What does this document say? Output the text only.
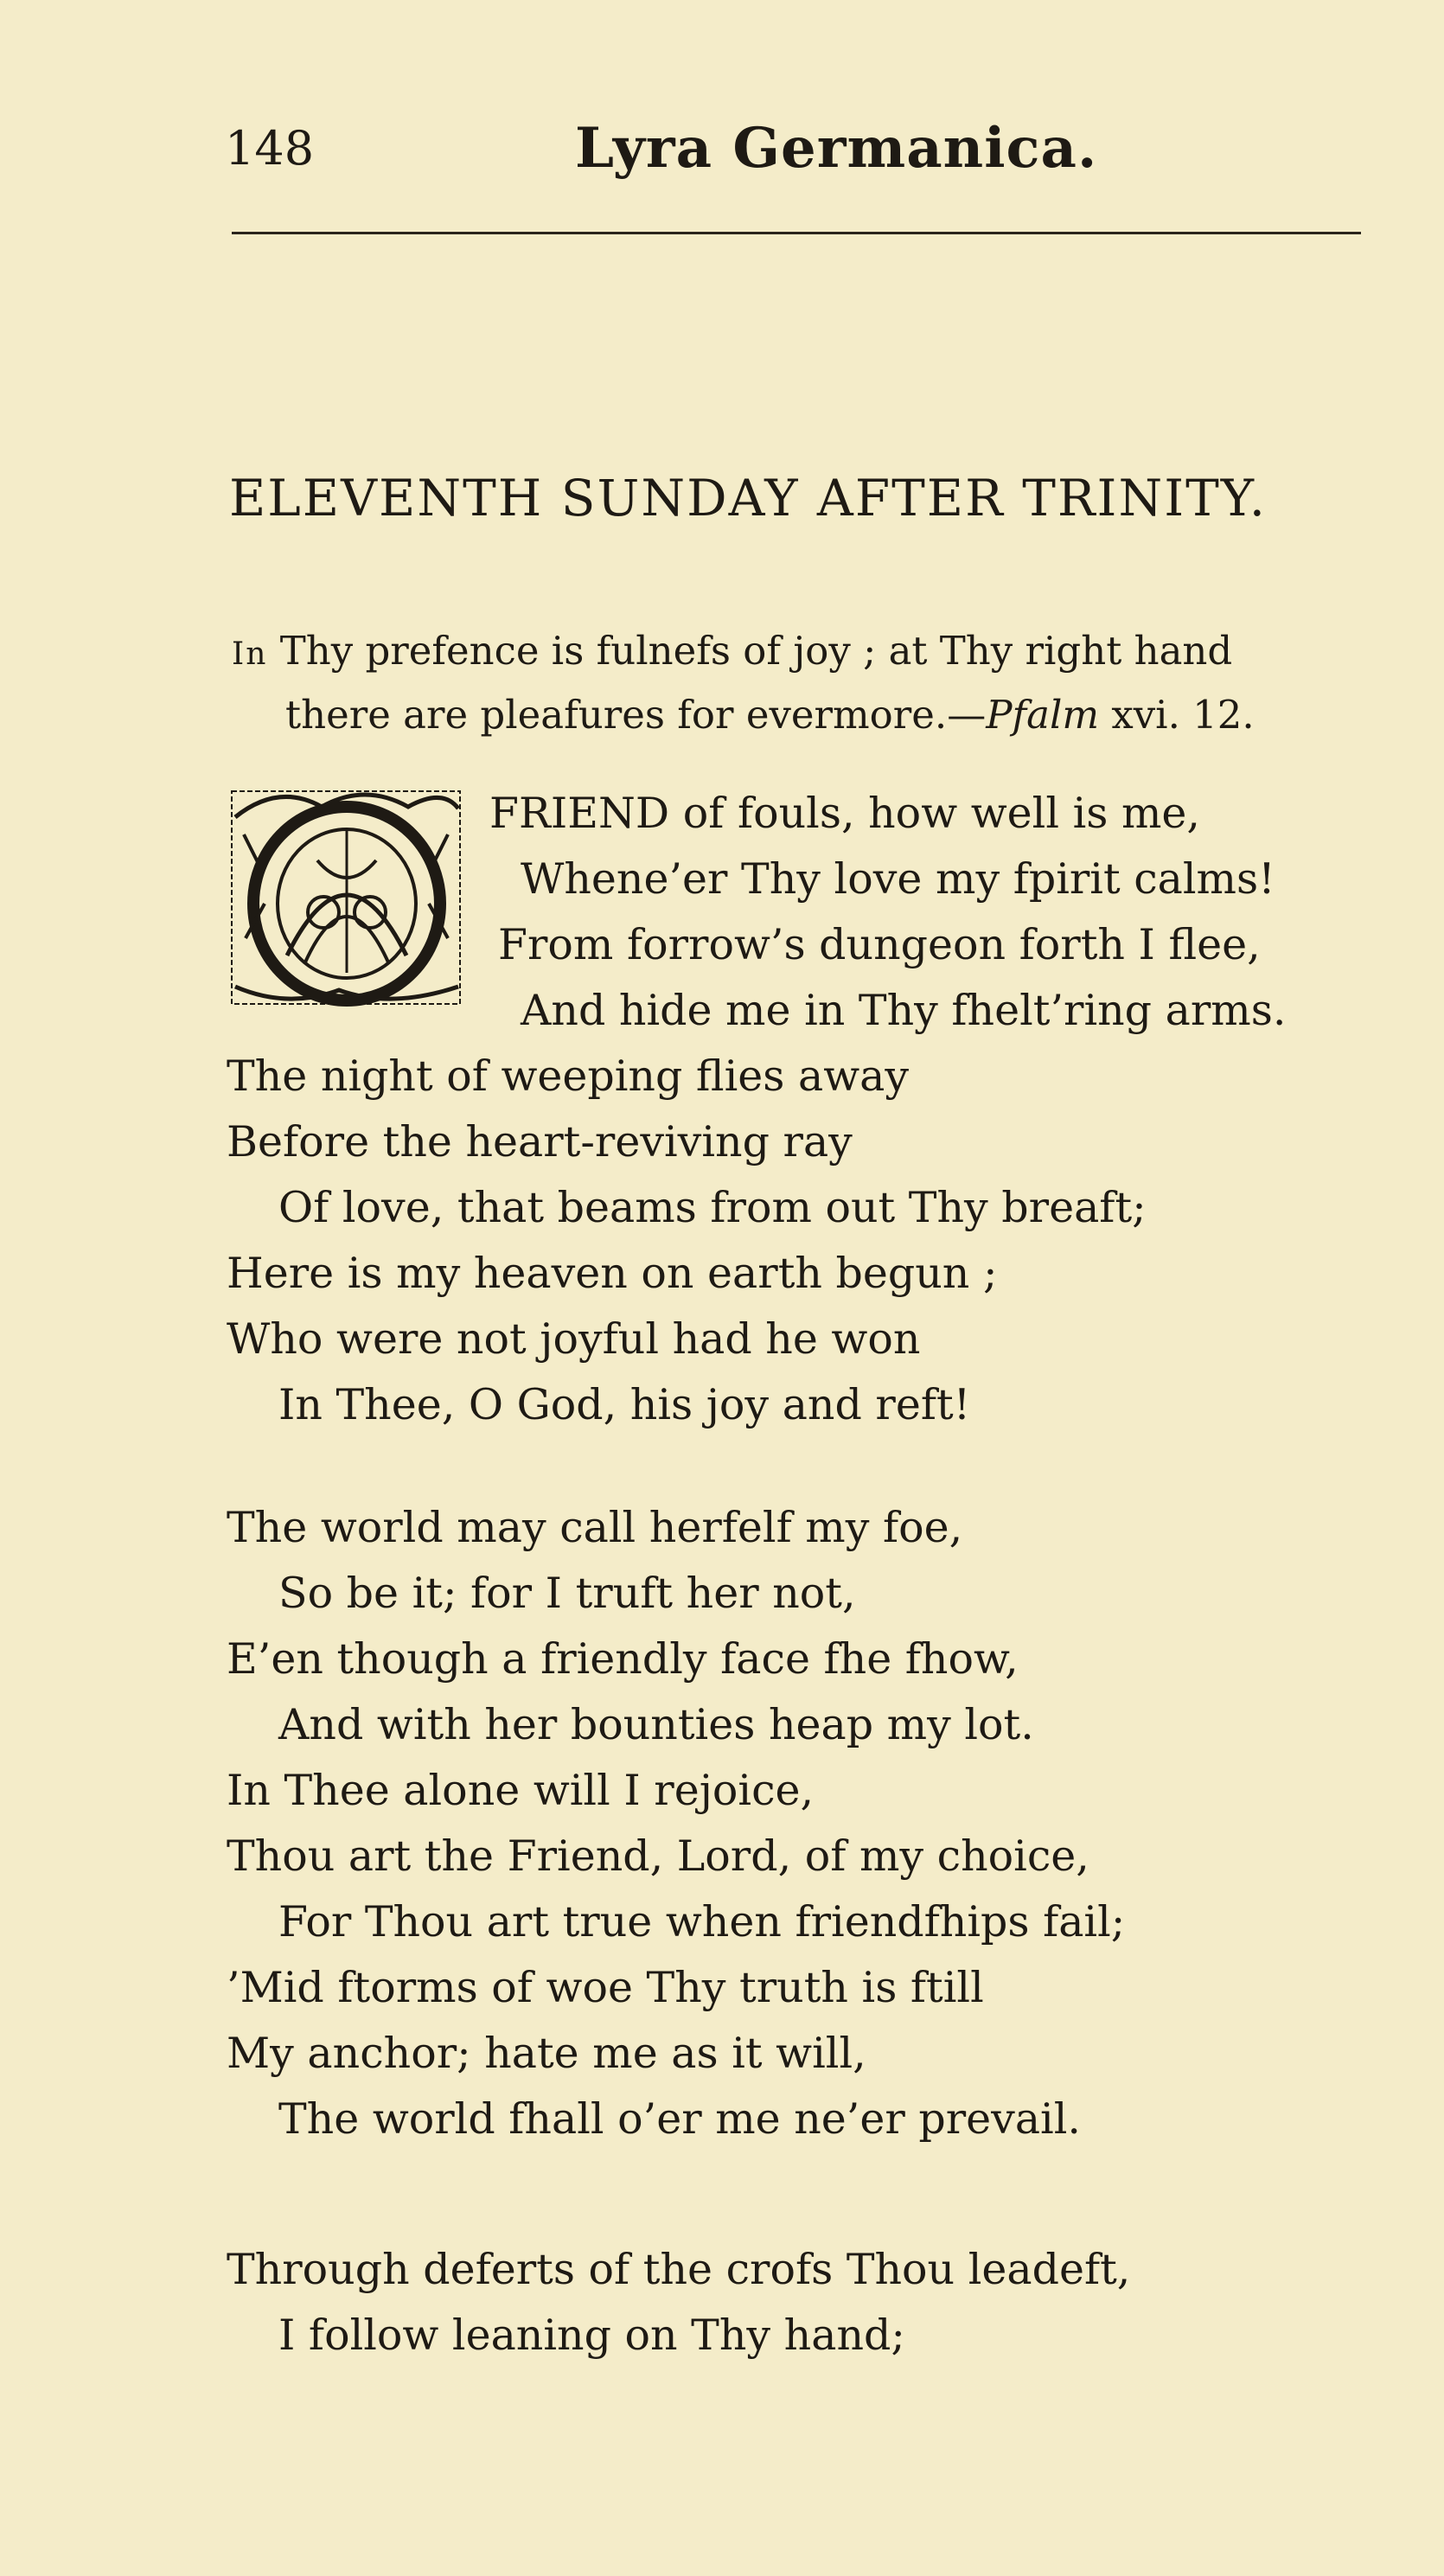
148	Lyra Germanica.
ELEVENTH SUNDAY AFTER TRINITY.
In Thy prefence is fulnefs of joy ; at Thy right hand
there are pleafures for evermore.—Pfalm xvi. 12.
FRIEND of fouls, how well is me,
Whene’er Thy love my fpirit calms!
From forrow’s dungeon forth I flee,
And hide me in Thy fhelt’ring arms.
The night of weeping flies away
Before the heart-reviving ray
Of love, that beams from out Thy breaft;
Here is my heaven on earth begun ;
Who were not joyful had he won
In Thee, O God, his joy and reft!
The world may call herfelf my foe,
So be it; for I truft her not,
E’en though a friendly face fhe fhow,
And with her bounties heap my lot.
In Thee alone will I rejoice,
Thou art the Friend, Lord, of my choice,
For Thou art true when friendfhips fail;
’Mid ftorms of woe Thy truth is ftill
My anchor; hate me as it will,
The world fhall o’er me ne’er prevail.
Through deferts of the crofs Thou leadeft,
I follow leaning on Thy hand;
